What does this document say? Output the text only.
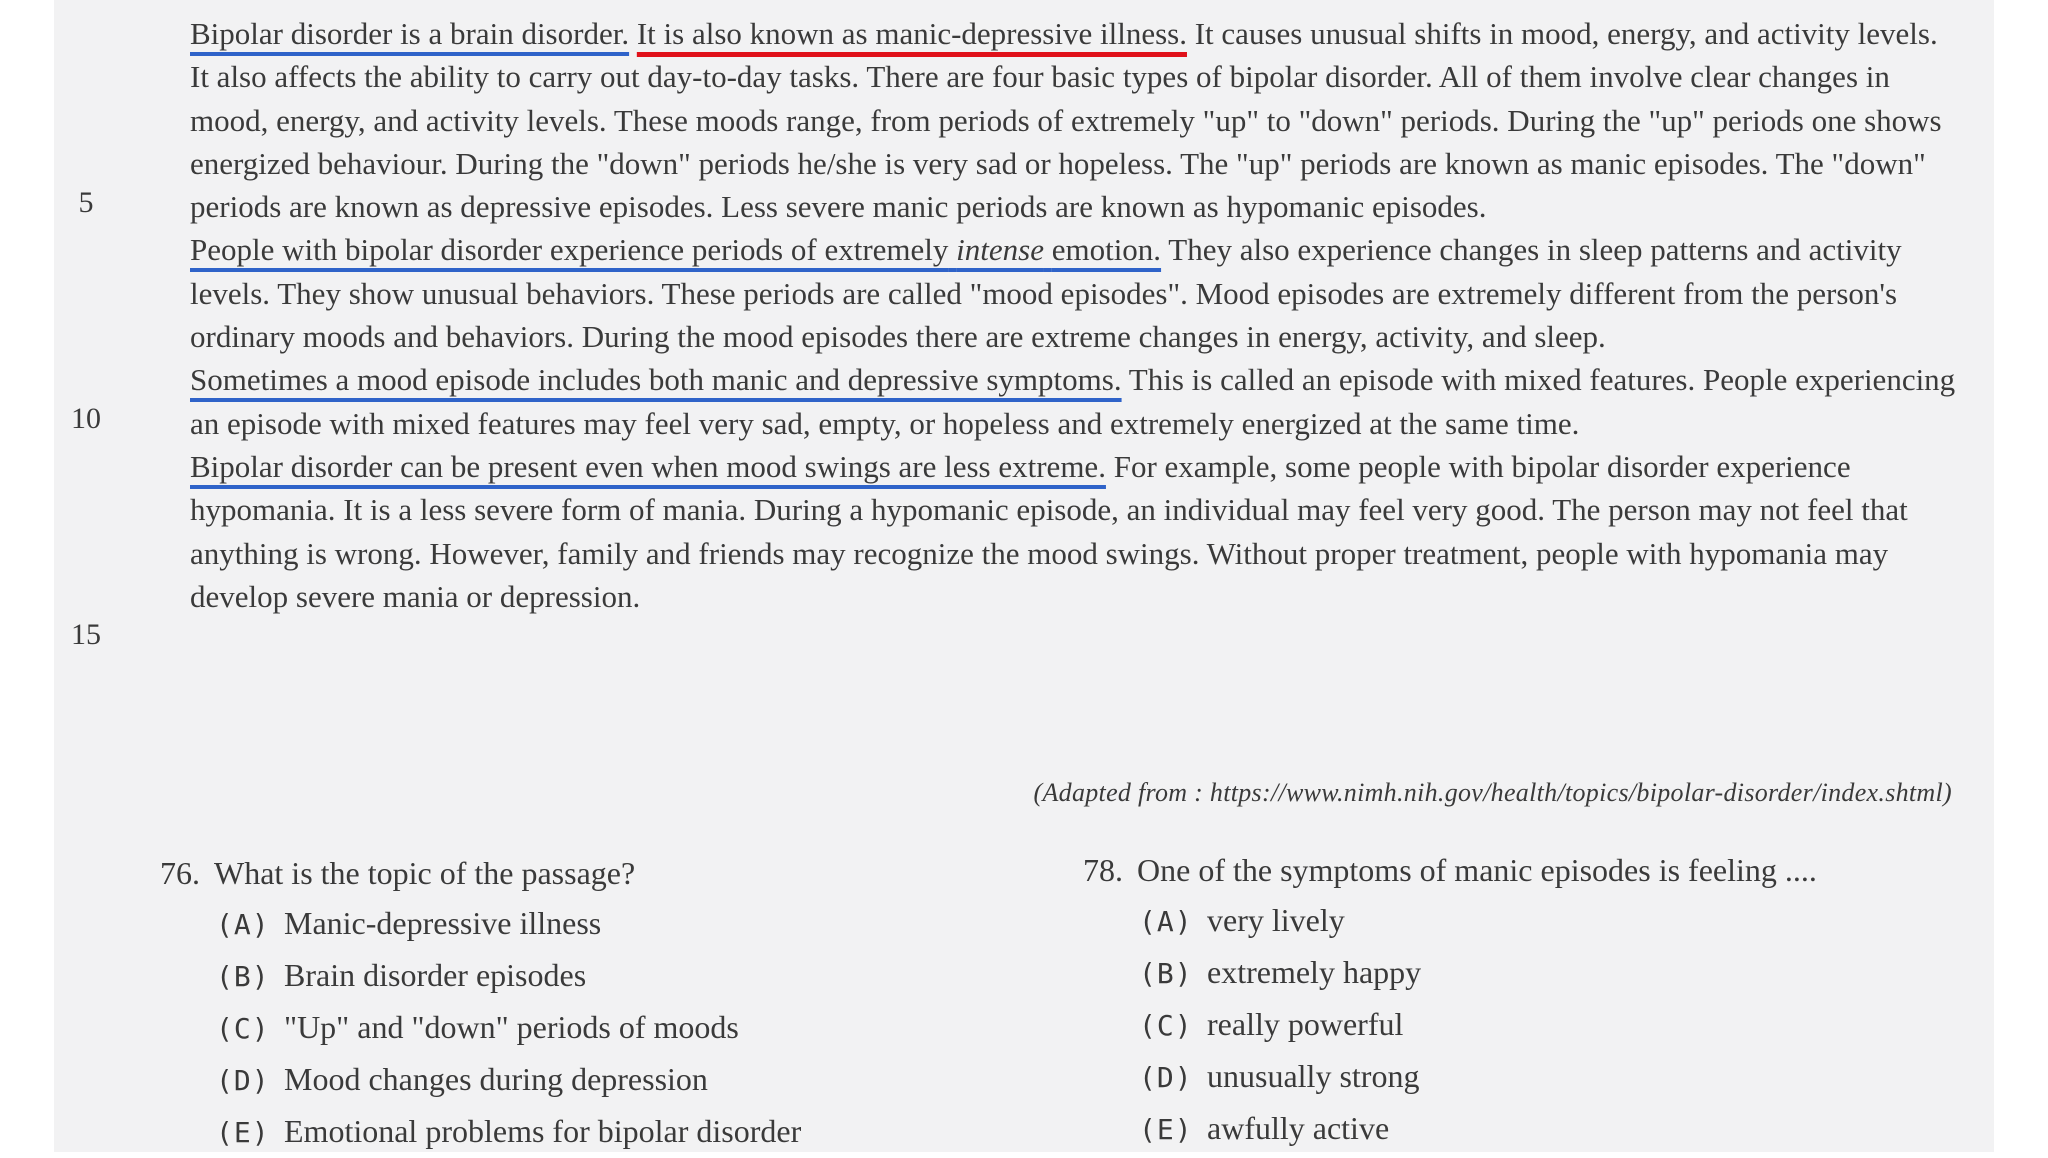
5
10
15

Bipolar disorder is a brain disorder. It is also known as manic-depressive illness. It causes unusual shifts in mood, energy, and activity levels. It also affects the ability to carry out day-to-day tasks. There are four basic types of bipolar disorder. All of them involve clear changes in mood, energy, and activity levels. These moods range, from periods of extremely "up" to "down" periods. During the "up" periods one shows energized behaviour. During the "down" periods he/she is very sad or hopeless. The "up" periods are known as manic episodes. The "down" periods are known as depressive episodes. Less severe manic periods are known as hypomanic episodes.

People with bipolar disorder experience periods of extremely intense emotion. They also experience changes in sleep patterns and activity levels. They show unusual behaviors. These periods are called "mood episodes". Mood episodes are extremely different from the person's ordinary moods and behaviors. During the mood episodes there are extreme changes in energy, activity, and sleep.

Sometimes a mood episode includes both manic and depressive symptoms. This is called an episode with mixed features. People experiencing an episode with mixed features may feel very sad, empty, or hopeless and extremely energized at the same time.

Bipolar disorder can be present even when mood swings are less extreme. For example, some people with bipolar disorder experience hypomania. It is a less severe form of mania. During a hypomanic episode, an individual may feel very good. The person may not feel that anything is wrong. However, family and friends may recognize the mood swings. Without proper treatment, people with hypomania may develop severe mania or depression.

(Adapted from : https://www.nimh.nih.gov/health/topics/bipolar-disorder/index.shtml)

76. What is the topic of the passage?

(A) Manic-depressive illness
(B) Brain disorder episodes
(C) "Up" and "down" periods of moods
(D) Mood changes during depression
(E) Emotional problems for bipolar disorder

78. One of the symptoms of manic episodes is feeling ....

(A) very lively
(B) extremely happy
(C) really powerful
(D) unusually strong
(E) awfully active
